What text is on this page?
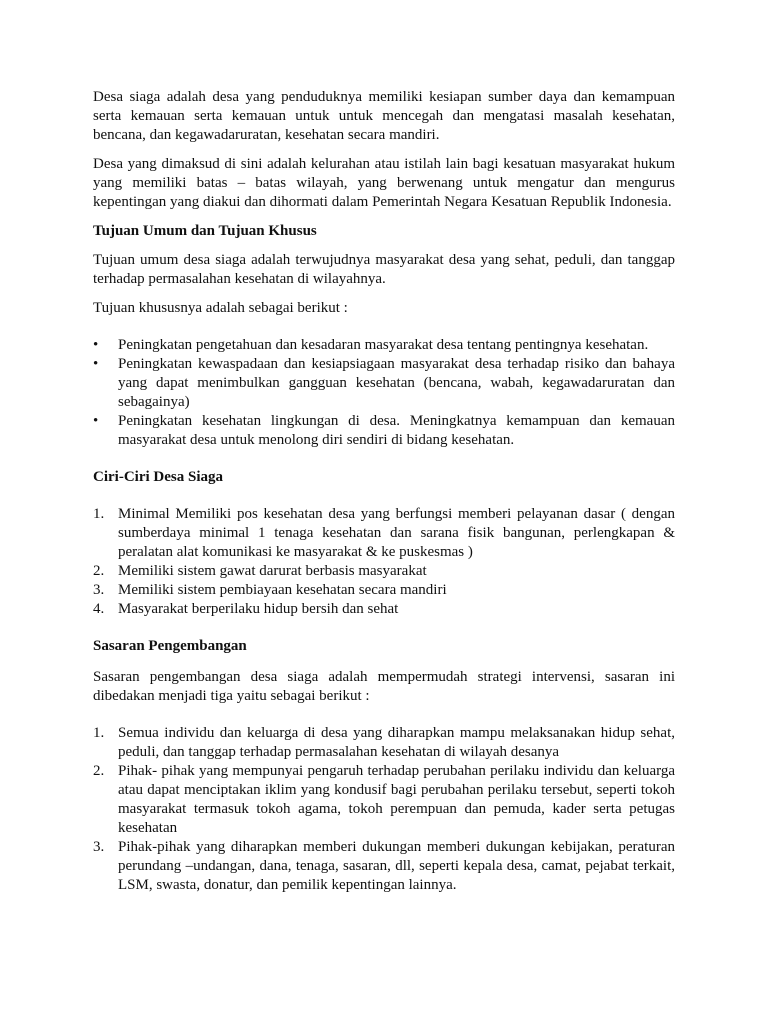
Desa siaga adalah desa yang penduduknya memiliki kesiapan sumber daya dan kemampuan serta kemauan serta kemauan untuk untuk mencegah dan mengatasi masalah kesehatan, bencana, dan kegawadaruratan, kesehatan secara mandiri.

Desa yang dimaksud di sini adalah kelurahan atau istilah lain bagi kesatuan masyarakat hukum yang memiliki batas – batas wilayah, yang berwenang untuk mengatur dan mengurus kepentingan yang diakui dan dihormati dalam Pemerintah Negara Kesatuan Republik Indonesia.

Tujuan Umum dan Tujuan Khusus

Tujuan umum desa siaga adalah terwujudnya masyarakat desa yang sehat, peduli, dan tanggap terhadap permasalahan kesehatan di wilayahnya.

Tujuan khususnya adalah sebagai berikut :

•	Peningkatan pengetahuan dan kesadaran masyarakat desa tentang pentingnya kesehatan.
•	Peningkatan kewaspadaan dan kesiapsiagaan masyarakat desa terhadap risiko dan bahaya yang dapat menimbulkan gangguan kesehatan (bencana, wabah, kegawadaruratan dan sebagainya)
•	Peningkatan kesehatan lingkungan di desa. Meningkatnya kemampuan dan kemauan masyarakat desa untuk menolong diri sendiri di bidang kesehatan.
Ciri-Ciri Desa Siaga
1. Minimal Memiliki pos kesehatan desa yang berfungsi memberi pelayanan dasar ( dengan sumberdaya minimal 1 tenaga kesehatan dan sarana fisik bangunan, perlengkapan & peralatan alat komunikasi ke masyarakat & ke puskesmas )
2. Memiliki sistem gawat darurat berbasis masyarakat
3. Memiliki sistem pembiayaan kesehatan secara mandiri
4. Masyarakat berperilaku hidup bersih dan sehat
Sasaran Pengembangan

Sasaran pengembangan desa siaga adalah mempermudah strategi intervensi, sasaran ini dibedakan menjadi tiga yaitu sebagai berikut :

1. Semua individu dan keluarga di desa yang diharapkan mampu melaksanakan hidup sehat, peduli, dan tanggap terhadap permasalahan kesehatan di wilayah desanya
2. Pihak- pihak yang mempunyai pengaruh terhadap perubahan perilaku individu dan keluarga atau dapat menciptakan iklim yang kondusif bagi perubahan perilaku tersebut, seperti tokoh masyarakat termasuk tokoh agama, tokoh perempuan dan pemuda, kader serta petugas kesehatan
3. Pihak-pihak yang diharapkan memberi dukungan memberi dukungan kebijakan, peraturan perundang –undangan, dana, tenaga, sasaran, dll, seperti kepala desa, camat, pejabat terkait, LSM, swasta, donatur, dan pemilik kepentingan lainnya.
